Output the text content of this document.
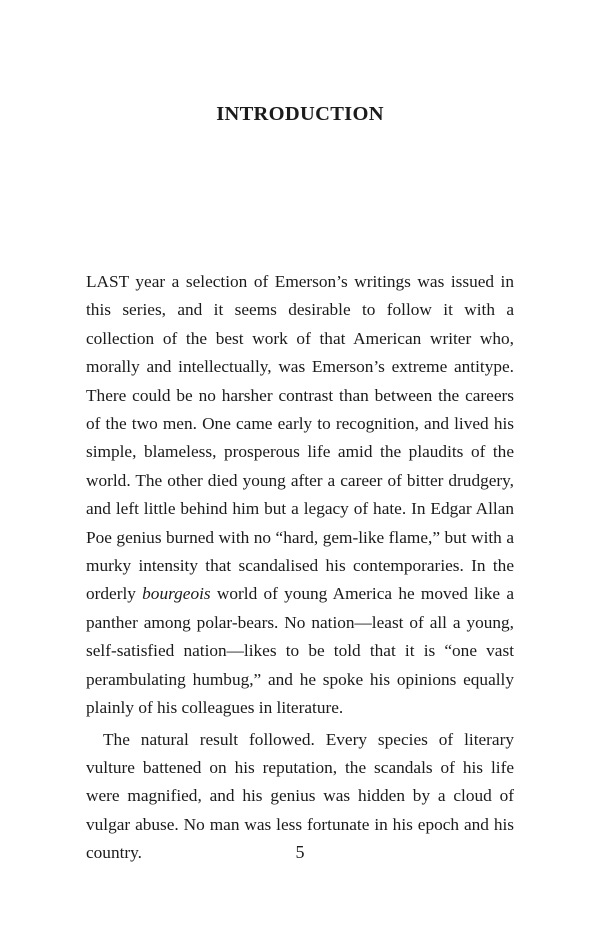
INTRODUCTION

LAST year a selection of Emerson’s writings was issued in this series, and it seems desirable to follow it with a collection of the best work of that American writer who, morally and intellectually, was Emerson’s extreme antitype. There could be no harsher contrast than between the careers of the two men. One came early to recognition, and lived his simple, blameless, prosperous life amid the plaudits of the world. The other died young after a career of bitter drudgery, and left little behind him but a legacy of hate. In Edgar Allan Poe genius burned with no “hard, gem-like flame,” but with a murky intensity that scandalised his contemporaries. In the orderly bourgeois world of young America he moved like a panther among polar-bears. No nation—least of all a young, self-satisfied nation—likes to be told that it is “one vast perambulating humbug,” and he spoke his opinions equally plainly of his colleagues in literature.

The natural result followed. Every species of literary vulture battened on his reputation, the scandals of his life were magnified, and his genius was hidden by a cloud of vulgar abuse. No man was less fortunate in his epoch and his country.	5
